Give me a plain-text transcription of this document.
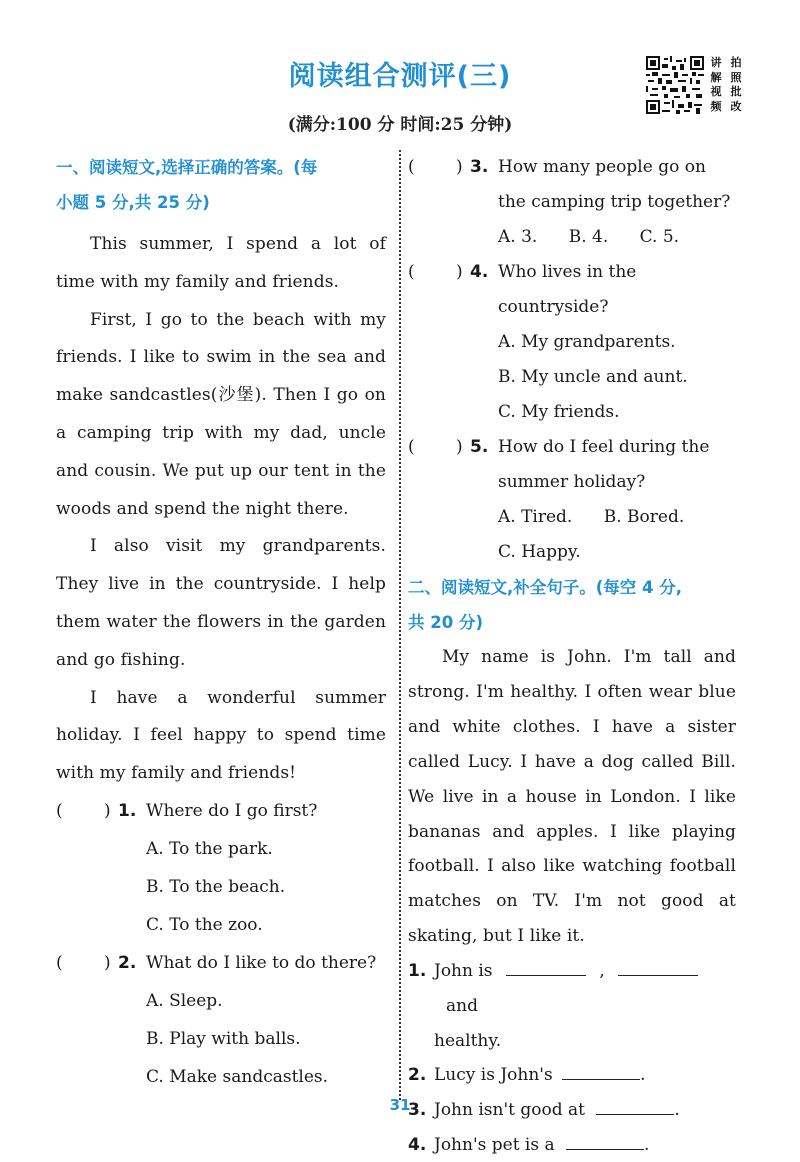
阅读组合测评(三)	讲 拍
解 照
视 批
频 改
(满分:100 分 时间:25 分钟)
一、阅读短文,选择正确的答案。(每
小题 5 分,共 25 分)

This summer, I spend a lot of time with my family and friends.

First, I go to the beach with my friends. I like to swim in the sea and make sandcastles(沙堡). Then I go on a camping trip with my dad, uncle and cousin. We put up our tent in the woods and spend the night there.

I also visit my grandparents. They live in the countryside. I help them water the flowers in the garden and go fishing.

I have a wonderful summer holiday. I feel happy to spend time with my family and friends!

( ) 1. Where do I go first?
A. To the park.
B. To the beach.
C. To the zoo.
( ) 2. What do I like to do there?
A. Sleep.
B. Play with balls.
C. Make sandcastles.
( ) 3. How many people go on the camping trip together?
A. 3. B. 4. C. 5.
( ) 4. Who lives in the countryside?
A. My grandparents.
B. My uncle and aunt.
C. My friends.
( ) 5. How do I feel during the summer holiday?
A. Tired. B. Bored.
C. Happy.
二、阅读短文,补全句子。(每空 4 分,
共 20 分)

My name is John. I'm tall and strong. I'm healthy. I often wear blue and white clothes. I have a sister called Lucy. I have a dog called Bill. We live in a house in London. I like bananas and apples. I like playing football. I also like watching football matches on TV. I'm not good at skating, but I like it.

1. John is	,  and
healthy.
2. Lucy is John's	.
3. John isn't good at	.
4. John's pet is a	.
31
